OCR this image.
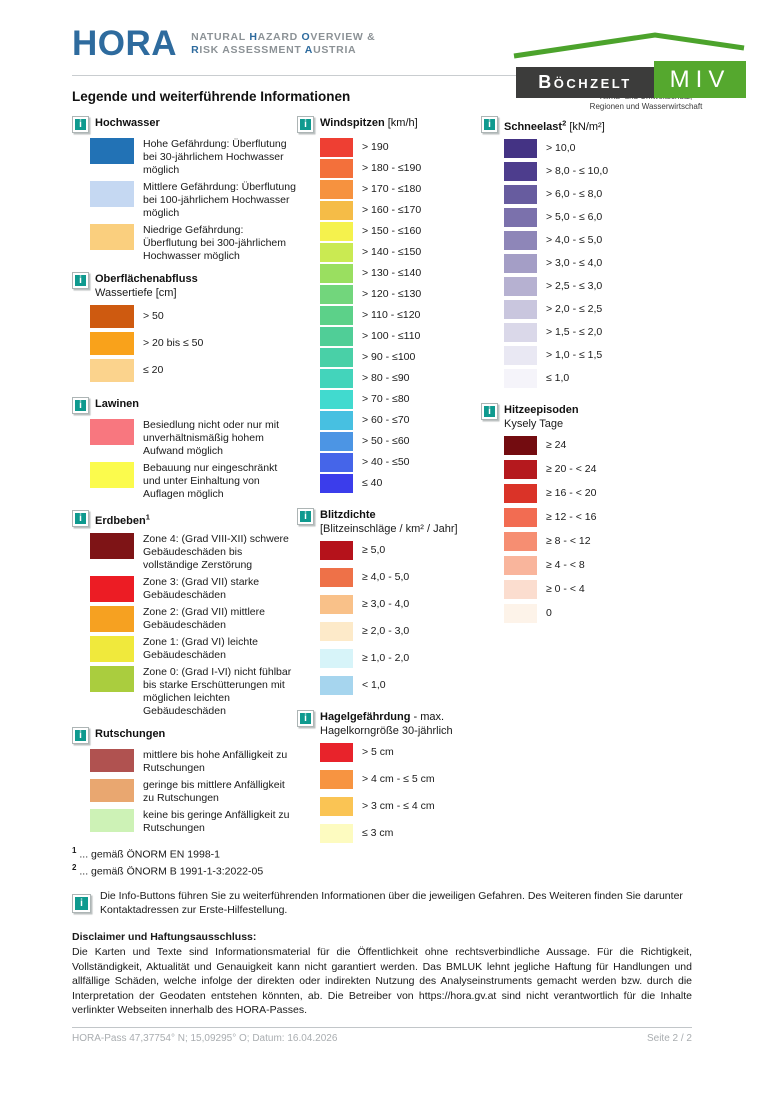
Böchzelt	MIV
Regionen und Wasserwirtschaft
HORA NATURAL HAZARD OVERVIEW &
RISK ASSESSMENT AUSTRIA
Legende und weiterführende Informationen
i Hochwasser
Hohe Gefährdung: Überflutung bei 30-jährlichem Hochwasser möglich
Mittlere Gefährdung: Überflutung bei 100-jährlichem Hochwasser möglich
Niedrige Gefährdung: Überflutung bei 300-jährlichem Hochwasser möglich
i Oberflächenabfluss
Wassertiefe [cm]
> 50
> 20 bis ≤ 50
≤ 20
i Lawinen
Besiedlung nicht oder nur mit unverhältnismäßig hohem Aufwand möglich
Bebauung nur eingeschränkt und unter Einhaltung von Auflagen möglich
i Erdbeben$^1$
Zone 4: (Grad VIII-XII) schwere Gebäudeschäden bis vollständige Zerstörung
Zone 3: (Grad VII) starke Gebäudeschäden
Zone 2: (Grad VII) mittlere Gebäudeschäden
Zone 1: (Grad VI) leichte Gebäudeschäden
Zone 0: (Grad I-VI) nicht fühlbar bis starke Erschütterungen mit möglichen leichten Gebäudeschäden
i Rutschungen
mittlere bis hohe Anfälligkeit zu Rutschungen
geringe bis mittlere Anfälligkeit zu Rutschungen
keine bis geringe Anfälligkeit zu Rutschungen
$^1$ ... gemäß ÖNORM EN 1998-1
$^2$ ... gemäß ÖNORM B 1991-1-3:2022-05
i Windspitzen [km/h]
> 190
> 180 - ≤190
> 170 - ≤180
> 160 - ≤170
> 150 - ≤160
> 140 - ≤150
> 130 - ≤140
> 120 - ≤130
> 110 - ≤120
> 100 - ≤110
> 90 - ≤100
> 80 - ≤90
> 70 - ≤80
> 60 - ≤70
> 50 - ≤60
> 40 - ≤50
≤ 40
i Blitzdichte
[Blitzeinschläge / km² / Jahr]
≥ 5,0
≥ 4,0 - 5,0
≥ 3,0 - 4,0
≥ 2,0 - 3,0
≥ 1,0 - 2,0
< 1,0
i Hagelgefährdung - max.
Hagelkorngröße 30-jährlich
> 5 cm
> 4 cm - ≤ 5 cm
> 3 cm - ≤ 4 cm
≤ 3 cm
i Schneelast$^2$ [kN/m²]
> 10,0
> 8,0 - ≤ 10,0
> 6,0 - ≤ 8,0
> 5,0 - ≤ 6,0
> 4,0 - ≤ 5,0
> 3,0 - ≤ 4,0
> 2,5 - ≤ 3,0
> 2,0 - ≤ 2,5
> 1,5 - ≤ 2,0
> 1,0 - ≤ 1,5
≤ 1,0
i Hitzeepisoden
Kysely Tage
≥ 24
≥ 20 - < 24
≥ 16 - < 20
≥ 12 - < 16
≥ 8 - < 12
≥ 4 - < 8
≥ 0 - < 4
0
i
Die Info-Buttons führen Sie zu weiterführenden Informationen über die jeweiligen Gefahren. Des Weiteren finden Sie darunter Kontaktadressen zur Erste-Hilfestellung.
Disclaimer und Haftungsausschluss:
Die Karten und Texte sind Informationsmaterial für die Öffentlichkeit ohne rechtsverbindliche Aussage. Für die Richtigkeit, Vollständigkeit, Aktualität und Genauigkeit kann nicht garantiert werden. Das BMLUK lehnt jegliche Haftung für Handlungen und allfällige Schäden, welche infolge der direkten oder indirekten Nutzung des Analyseinstruments gemacht werden bzw. durch die Interpretation der Geodaten entstehen könnten, ab. Die Betreiber von https://hora.gv.at sind nicht verantwortlich für die Inhalte verlinkter Webseiten innerhalb des HORA-Passes.
HORA-Pass 47,37754° N; 15,09295° O; Datum: 16.04.2026	Seite 2 / 2
